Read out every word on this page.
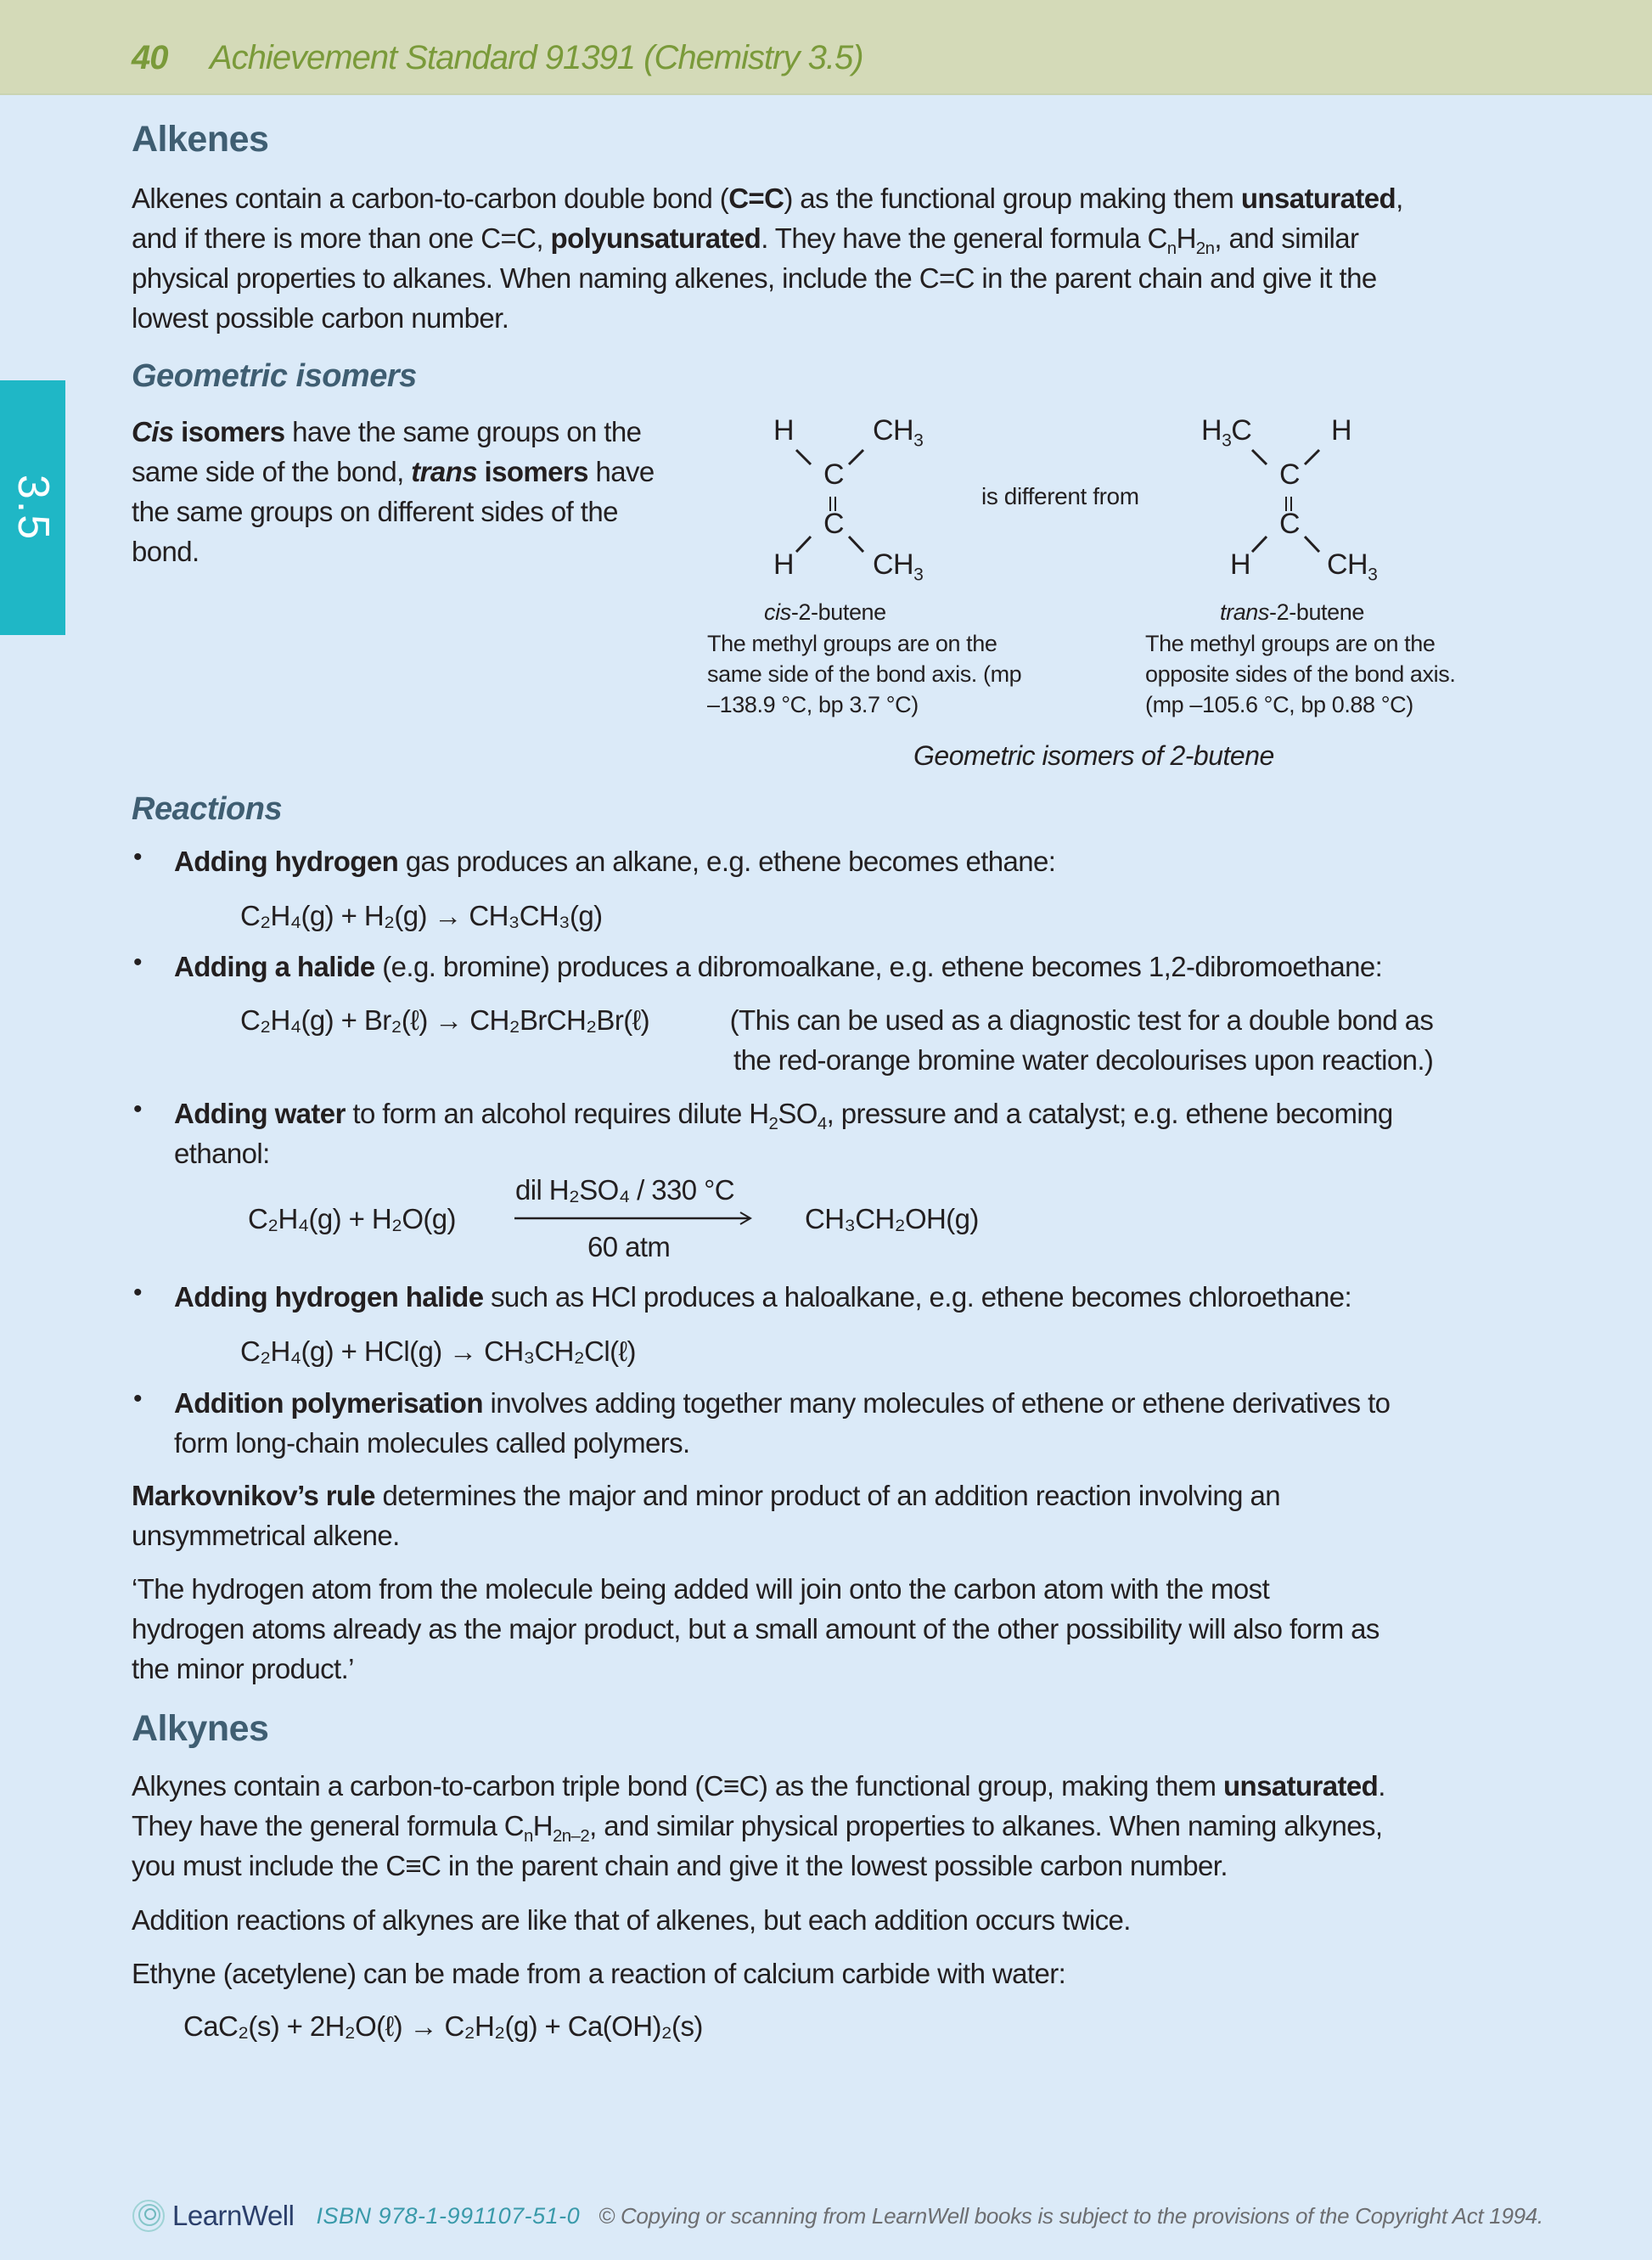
40 Achievement Standard 91391 (Chemistry 3.5)
3.5
Alkenes
Alkenes contain a carbon-to-carbon double bond (C=C) as the functional group making them unsaturated,
and if there is more than one C=C, polyunsaturated. They have the general formula $C_nH_{2n}$, and similar
physical properties to alkanes. When naming alkenes, include the C=C in the parent chain and give it the
lowest possible carbon number.
Geometric isomers
Cis isomers have the same groups on the
same side of the bond, trans isomers have
the same groups on different sides of the
bond.
H	$CH_3$
C
C
H	$CH_3$
is different from
$H_3C$	H
C
C
H	$CH_3$
cis-2-butene
The methyl groups are on the
same side of the bond axis. (mp
–138.9 °C, bp 3.7 °C)
trans-2-butene
The methyl groups are on the
opposite sides of the bond axis.
(mp –105.6 °C, bp 0.88 °C)
Geometric isomers of 2-butene
Reactions
• Adding hydrogen gas produces an alkane, e.g. ethene becomes ethane:
C₂H₄(g) + H₂(g) → CH₃CH₃(g)
• Adding a halide (e.g. bromine) produces a dibromoalkane, e.g. ethene becomes 1,2-dibromoethane:
C₂H₄(g) + Br₂(ℓ) → CH₂BrCH₂Br(ℓ)	(This can be used as a diagnostic test for a double bond as
the red-orange bromine water decolourises upon reaction.)
• Adding water to form an alcohol requires dilute $H_2SO_4$, pressure and a catalyst; e.g. ethene becoming
ethanol:
C₂H₄(g) + H₂O(g)
dil H₂SO₄ / 330 °C
60 atm
CH₃CH₂OH(g)
• Adding hydrogen halide such as HCl produces a haloalkane, e.g. ethene becomes chloroethane:
C₂H₄(g) + HCl(g) → CH₃CH₂Cl(ℓ)
• Addition polymerisation involves adding together many molecules of ethene or ethene derivatives to
form long-chain molecules called polymers.
Markovnikov’s rule determines the major and minor product of an addition reaction involving an
unsymmetrical alkene.
‘The hydrogen atom from the molecule being added will join onto the carbon atom with the most
hydrogen atoms already as the major product, but a small amount of the other possibility will also form as
the minor product.’
Alkynes
Alkynes contain a carbon-to-carbon triple bond (C≡C) as the functional group, making them unsaturated.
They have the general formula $C_nH_{2n-2}$, and similar physical properties to alkanes. When naming alkynes,
you must include the C≡C in the parent chain and give it the lowest possible carbon number.
Addition reactions of alkynes are like that of alkenes, but each addition occurs twice.
Ethyne (acetylene) can be made from a reaction of calcium carbide with water:
CaC₂(s) + 2H₂O(ℓ) → C₂H₂(g) + Ca(OH)₂(s)
LearnWell ISBN 978-1-991107-51-0 © Copying or scanning from LearnWell books is subject to the provisions of the Copyright Act 1994.
